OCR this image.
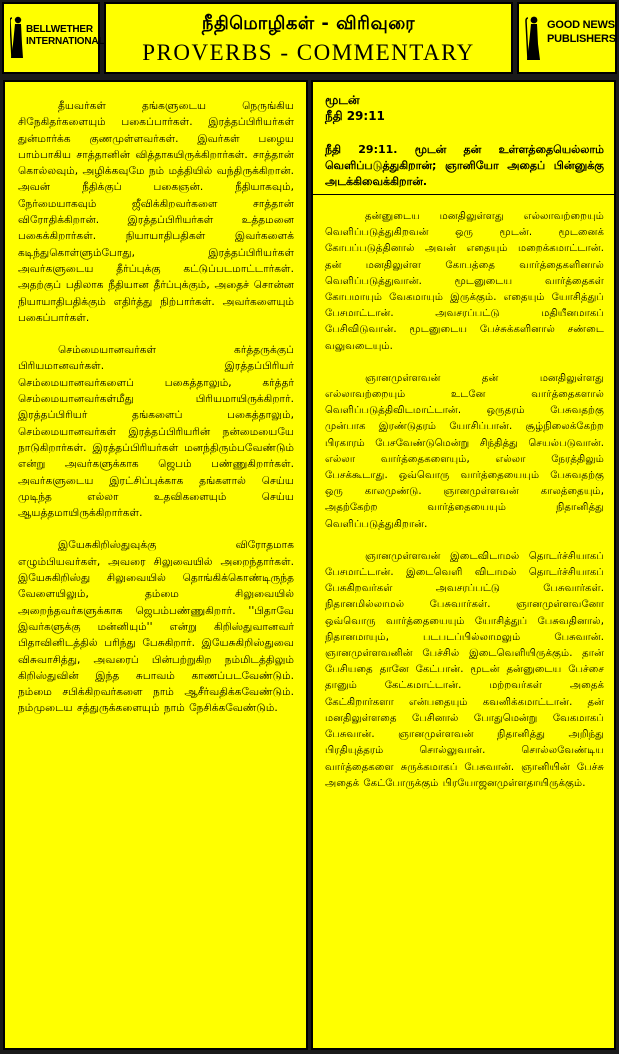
BELLWETHER
INTERNATIONAL
நீதிமொழிகள் - விரிவுரை
PROVERBS - COMMENTARY
GOOD NEWS
PUBLISHERS

தீயவர்கள் தங்களுடைய நெருங்கிய சிநேகிதர்களையும் பகைப்பார்கள். இரத்தப்பிரியர்கள் துன்மார்க்க குணமுள்ளவர்கள். இவர்கள் பழைய பாம்பாகிய சாத்தானின் வித்தாகயிருக்கிறார்கள். சாத்தான் கொல்லவும், அழிக்கவுமே நம் மத்தியில் வந்திருக்கிறான். அவன் நீதிக்குப் பகைஞன். நீதியாகவும், நேர்மையாகவும் ஜீவிக்கிறவர்களை சாத்தான் விரோதிக்கிறான். இரத்தப்பிரியர்கள் உத்தமனை பகைக்கிறார்கள். நியாயாதிபதிகள் இவர்களைக் கடிந்துகொள்ளும்போது, இரத்தப்பிரியர்கள் அவர்களுடைய தீர்ப்புக்கு கட்டுப்படமாட்டார்கள். அதற்குப் பதிலாக நீதியான தீர்ப்புக்கும், அதைச் சொன்ன நியாயாதிபதிக்கும் எதிர்த்து நிற்பார்கள். அவர்களையும் பகைப்பார்கள்.

செம்மையானவர்கள் கர்த்தருக்குப் பிரியமானவர்கள். இரத்தப்பிரியர் செம்மையானவர்களைப் பகைத்தாலும், கர்த்தர் செம்மையானவர்கள்மீது பிரியமாயிருக்கிறார். இரத்தப்பிரியர் தங்களைப் பகைத்தாலும், செம்மையானவர்கள் இரத்தப்பிரியரின் நன்மையையே நாடுகிறார்கள். இரத்தப்பிரியர்கள் மனந்திரும்பவேண்டும் என்று அவர்களுக்காக ஜெபம் பண்ணுகிறார்கள். அவர்களுடைய இரட்சிப்புக்காக தங்களால் செய்ய முடிந்த எல்லா உதவிகளையும் செய்ய ஆயத்தமாயிருக்கிறார்கள்.

இயேசுகிறிஸ்துவுக்கு விரோதமாக எழும்பியவர்கள், அவரை சிலுவையில் அறைந்தார்கள். இயேசுகிறிஸ்து சிலுவையில் தொங்கிக்கொண்டிருந்த வேளையிலும், தம்மை சிலுவையில் அறைந்தவர்களுக்காக ஜெபம்பண்ணுகிறார். ''பிதாவே இவர்களுக்கு மன்னியும்'' என்று கிறிஸ்துவானவர் பிதாவினிடத்தில் பரிந்து பேசுகிறார். இயேசுகிறிஸ்துவை விசுவாசித்து, அவரைப் பின்பற்றுகிற நம்மிடத்திலும் கிறிஸ்துவின் இந்த சுபாவம் காணப்படவேண்டும். நம்மை சபிக்கிறவர்களை நாம் ஆசீர்வதிக்கவேண்டும். நம்முடைய சத்துருக்களையும் நாம் நேசிக்கவேண்டும்.

மூடன்
நீதி 29:11

நீதி 29:11. மூடன் தன் உள்ளத்தையெல்லாம் வெளிப்படுத்துகிறான்; ஞானியோ அதைப் பின்னுக்கு அடக்கிவைக்கிறான்.

தன்னுடைய மனதிலுள்ளது எல்லாவற்றையும் வெளிப்படுத்துகிறவன் ஒரு மூடன். மூடனைக் கோபப்படுத்தினால் அவன் எதையும் மறைக்கமாட்டான். தன் மனதிலுள்ள கோபத்தை வார்த்தைகளினால் வெளிப்படுத்துவான். மூடனுடைய வார்த்தைகள் கோபமாயும் வேகமாயும் இருக்கும். எதையும் யோசித்துப் பேசமாட்டான். அவசரப்பட்டு மதியீனமாகப் பேசிவிடுவான். மூடனுடைய பேச்சுக்களினால் சண்டை வலுவடையும்.

ஞானமுள்ளவன் தன் மனதிலுள்ளது எல்லாவற்றையும் உடனே வார்த்தைகளால் வெளிப்படுத்திவிடமாட்டான். ஒருதரம் பேசுவதற்கு முன்பாக இரண்டுதரம் யோசிப்பான். சூழ்நிலைக்கேற்ற பிரகாரம் பேசவேண்டுமென்று சிந்தித்து செயல்படுவான். எல்லா வார்த்தைகளையும், எல்லா நேரத்திலும் பேசக்கூடாது. ஒவ்வொரு வார்த்தையையும் பேசுவதற்கு ஒரு காலமுண்டு. ஞானமுள்ளவன் காலத்தையும், அதற்கேற்ற வார்த்தையையும் நிதானித்து வெளிப்படுத்துகிறான்.

ஞானமுள்ளவன் இடைவிடாமல் தொடர்ச்சியாகப் பேசமாட்டான். இடைவெளி விடாமல் தொடர்ச்சியாகப் பேசுகிறவர்கள் அவசரப்பட்டு பேசுவார்கள். நிதானமில்லாமல் பேசுவார்கள். ஞானமுள்ளவனோ ஒவ்வொரு வார்த்தையையும் யோசித்துப் பேசுவதினால், நிதானமாயும், படபடப்பில்லாமலும் பேசுவான். ஞானமுள்ளவனின் பேச்சில் இடைவெளியிருக்கும். தான் பேசியதை தானே கேட்பான். மூடன் தன்னுடைய பேச்சை தானும் கேட்கமாட்டான். மற்றவர்கள் அதைக் கேட்கிறார்களா என்பதையும் கவனிக்கமாட்டான். தன் மனதிலுள்ளதை பேசினால் போதுமென்று வேகமாகப் பேசுவான். ஞானமுள்ளவன் நிதானித்து அறிந்து பிரதியுத்தரம் சொல்லுவான். சொல்லவேண்டிய வார்த்தைகளை சுருக்கமாகப் பேசுவான். ஞானியின் பேச்சு அதைக் கேட்போருக்கும் பிரயோஜனமுள்ளதாயிருக்கும்.
